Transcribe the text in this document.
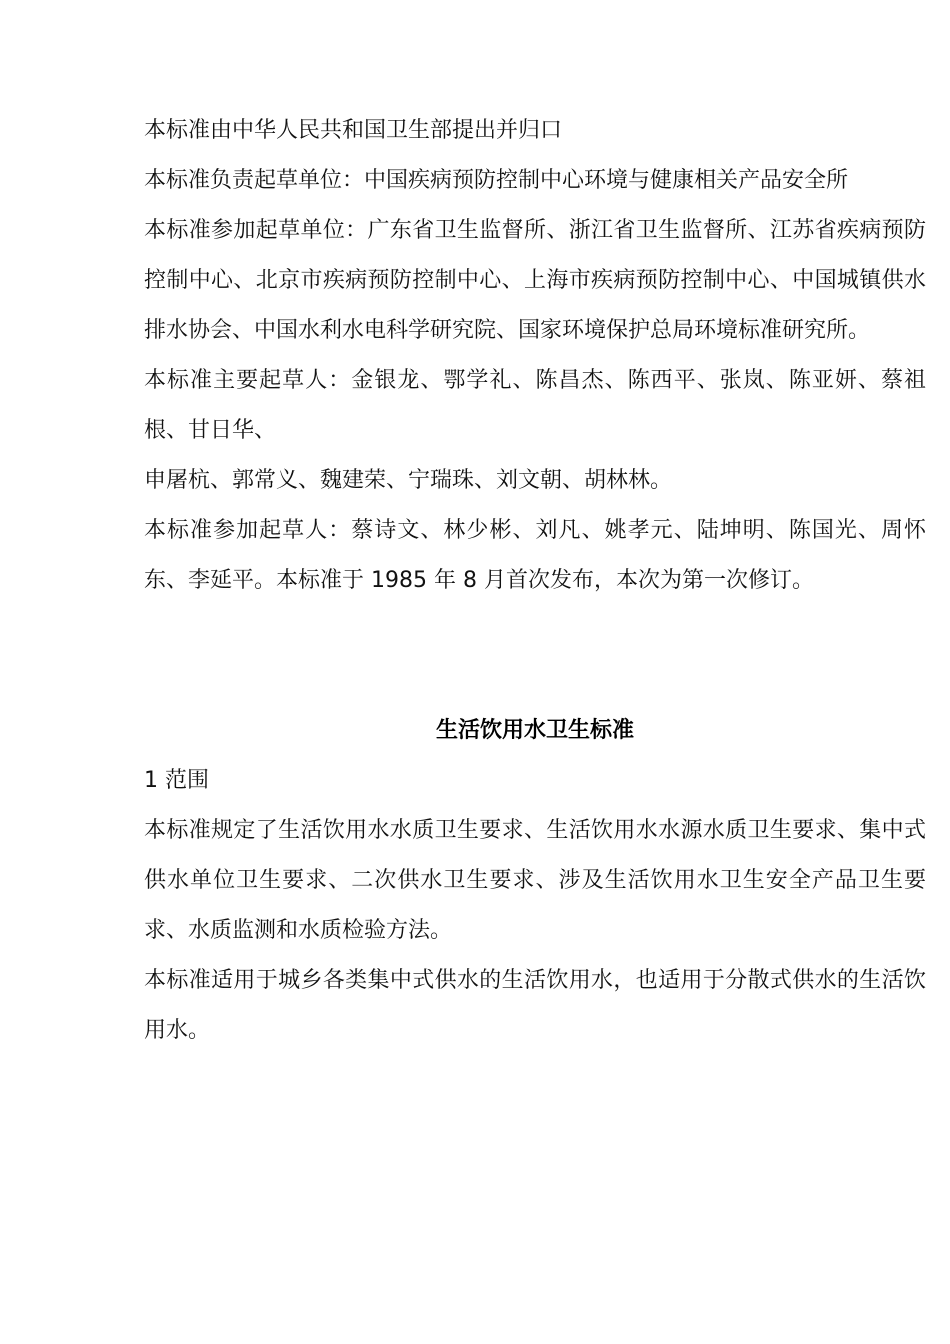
本标准由中华人民共和国卫生部提出并归口

本标准负责起草单位：中国疾病预防控制中心环境与健康相关产品安全所

本标准参加起草单位：广东省卫生监督所、浙江省卫生监督所、江苏省疾病预防控制中心、北京市疾病预防控制中心、上海市疾病预防控制中心、中国城镇供水排水协会、中国水利水电科学研究院、国家环境保护总局环境标准研究所。

本标准主要起草人：金银龙、鄂学礼、陈昌杰、陈西平、张岚、陈亚妍、蔡祖根、甘日华、

申屠杭、郭常义、魏建荣、宁瑞珠、刘文朝、胡林林。

本标准参加起草人：蔡诗文、林少彬、刘凡、姚孝元、陆坤明、陈国光、周怀东、李延平。本标准于 1985 年 8 月首次发布，本次为第一次修订。

生活饮用水卫生标准

1 范围

本标准规定了生活饮用水水质卫生要求、生活饮用水水源水质卫生要求、集中式供水单位卫生要求、二次供水卫生要求、涉及生活饮用水卫生安全产品卫生要求、水质监测和水质检验方法。

本标准适用于城乡各类集中式供水的生活饮用水，也适用于分散式供水的生活饮用水。
